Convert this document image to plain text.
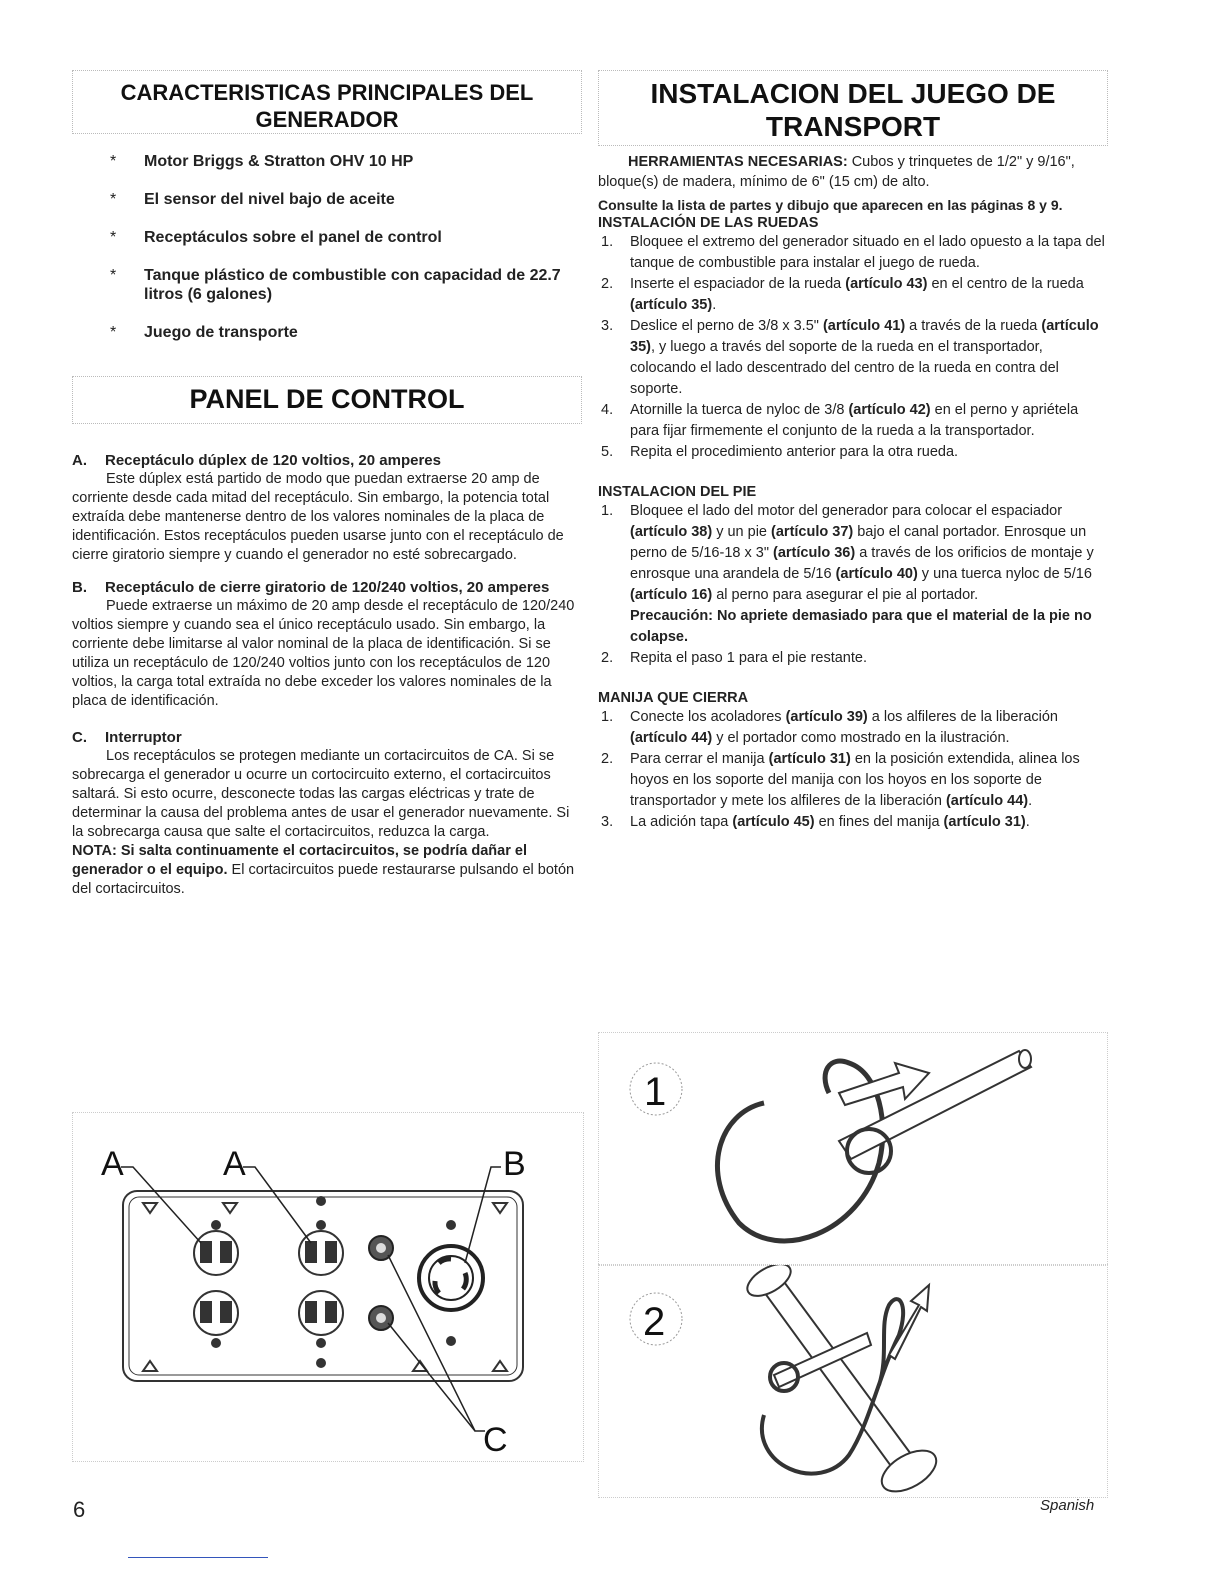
CARACTERISTICAS PRINCIPALES DEL GENERADOR
* Motor Briggs & Stratton OHV 10 HP
* El sensor del nivel bajo de aceite
* Receptáculos sobre el panel de control
* Tanque plástico de combustible con capacidad de 22.7 litros (6 galones)
* Juego de transporte
PANEL DE CONTROL

A. Receptáculo dúplex de 120 voltios, 20 amperes

Este dúplex está partido de modo que puedan extraerse 20 amp de corriente desde cada mitad del receptáculo. Sin embargo, la potencia total extraída debe mantenerse dentro de los valores nominales de la placa de identificación. Estos receptáculos pueden usarse junto con el receptáculo de cierre giratorio siempre y cuando el generador no esté sobrecargado.

B. Receptáculo de cierre giratorio de 120/240 voltios, 20 amperes

Puede extraerse un máximo de 20 amp desde el receptáculo de 120/240 voltios siempre y cuando sea el único receptáculo usado. Sin embargo, la corriente debe limitarse al valor nominal de la placa de identificación. Si se utiliza un receptáculo de 120/240 voltios junto con los receptáculos de 120 voltios, la carga total extraída no debe exceder los valores nominales de la placa de identificación.

C. Interruptor

Los receptáculos se protegen mediante un cortacircuitos de CA. Si se sobrecarga el generador u ocurre un cortocircuito externo, el cortacircuitos saltará. Si esto ocurre, desconecte todas las cargas eléctricas y trate de determinar la causa del problema antes de usar el generador nuevamente. Si la sobrecarga causa que salte el cortacircuitos, reduzca la carga.

NOTA: Si salta continuamente el cortacircuitos, se podría dañar el generador o el equipo. El cortacircuitos puede restaurarse pulsando el botón del cortacircuitos.

A	A	B
C
INSTALACION DEL JUEGO DE TRANSPORT

HERRAMIENTAS NECESARIAS: Cubos y trinquetes de 1/2" y 9/16", bloque(s) de madera, mínimo de 6" (15 cm) de alto.

Consulte la lista de partes y dibujo que aparecen en las páginas 8 y 9.

INSTALACIÓN DE LAS RUEDAS

1. Bloquee el extremo del generador situado en el lado opuesto a la tapa del tanque de combustible para instalar el juego de rueda.
2. Inserte el espaciador de la rueda (artículo 43) en el centro de la rueda (artículo 35).
3. Deslice el perno de 3/8 x 3.5" (artículo 41) a través de la rueda (artículo 35), y luego a través del soporte de la rueda en el transportador, colocando el lado descentrado del centro de la rueda en contra del soporte.
4. Atornille la tuerca de nyloc de 3/8 (artículo 42) en el perno y apriétela para fijar firmemente el conjunto de la rueda a la transportador.
5. Repita el procedimiento anterior para la otra rueda.

INSTALACION DEL PIE

1. Bloquee el lado del motor del generador para colocar el espaciador (artículo 38) y un pie (artículo 37) bajo el canal portador. Enrosque un perno de 5/16-18 x 3" (artículo 36) a través de los orificios de montaje y enrosque una arandela de 5/16 (artículo 40) y una tuerca nyloc de 5/16 (artículo 16) al perno para asegurar el pie al portador.
Precaución: No apriete demasiado para que el material de la pie no colapse.
2. Repita el paso 1 para el pie restante.

MANIJA QUE CIERRA

1. Conecte los acoladores (artículo 39) a los alfileres de la liberación (artículo 44) y el portador como mostrado en la ilustración.
2. Para cerrar el manija (artículo 31) en la posición extendida, alinea los hoyos en los soporte del manija con los hoyos en los soporte de transportador y mete los alfileres de la liberación (artículo 44).
3. La adición tapa (artículo 45) en fines del manija (artículo 31).
1
2
6	Spanish
